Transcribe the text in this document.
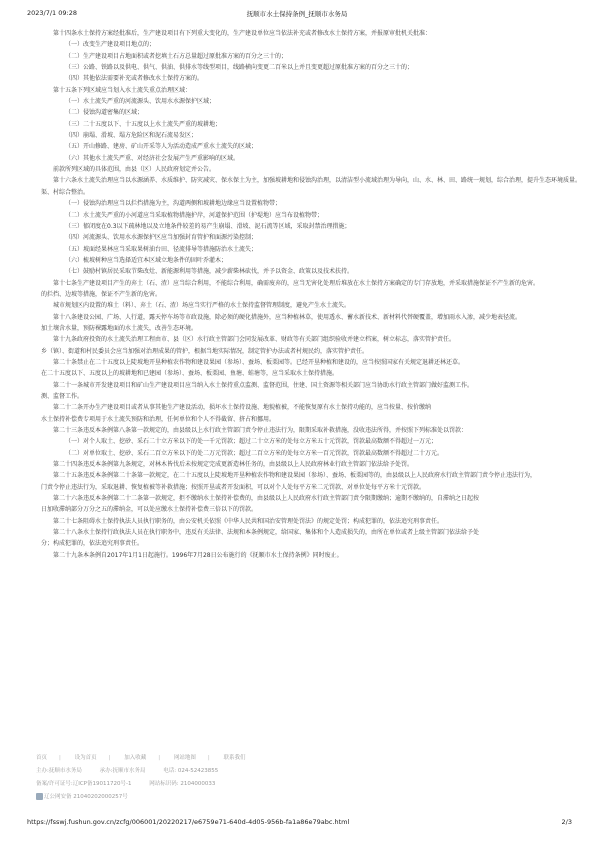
2023/7/1 09:28	抚顺市水土保持条例_抚顺市水务局

第十四条水土保持方案经批准后，生产建设项目有下列重大变化的，生产建设单位应当依法补充或者修改水土保持方案，并报原审批机关批准：

（一）改变生产建设项目地点的；

（二）生产建设项目占地面积或者挖填土石方总量超过原批准方案的百分之三十的；

（三）公路、铁路以及供电、供气、供油、供排水等线型项目，线路横向变更二百米以上并且变更超过原批准方案的百分之三十的；

（四）其他依法需要补充或者修改水土保持方案的。

第十五条下列区域应当划入水土流失重点治理区域：

（一）水土流失严重的河流源头、饮用水水源保护区域；

（二）侵蚀沟道密集的区域；

（三）二十五度以下、十五度以上水土流失严重的坡耕地；

（四）崩塌、滑坡、塌方危险区和泥石流易发区；

（五）开山修路、建房、矿山开采等人为活动造成严重水土流失的区域；

（六）其他水土流失严重、对经济社会发展产生严重影响的区域。

前款所列区域的具体范围，由县（区）人民政府划定并公告。

第十六条水土流失治理应当以水源涵养、水质维护、防灾减灾、保水保土为主，加强坡耕地和侵蚀沟治理，以清洁型小流域治理为导向，山、水、林、田、路统一规划，综合治理，提升生态环境质量。

渠、村综合整治。

（一）侵蚀沟治理应当以拦挡措施为主，沟道两侧和坡耕地边缘应当设置植物带；

（二）水土流失严重的小河道应当采取植物措施护岸，河道保护范围（护堤地）应当布设植物带；

（三）郁闭度在0.3以下疏林地以及立地条件较差的易产生崩塌、滑坡、泥石流等区域，采取封禁治理措施；

（四）河流源头、饮用水水源保护区应当加强封育管护和面源污染控制；

（五）坡面经果林应当采取果树油台田、径流排导等措施防治水土流失；

（六）梳坡树种应当选择适宜本区域立地条件的固叶乔灌木；

（七）鼓励村镇居民采取节柴改灶、新能源利用等措施，减少薪柴林砍伐，并予以资金、政策以及技术扶持。

第十七条生产建设项目产生的弃土（石、渣）应当综合利用，不能综合利用，确需废弃的，应当无害化处理后堆放在水土保持方案确定的专门存放地，并采取措施保证不产生新的危害。

的拦挡、边坡等措施，保证不产生新的危害。

城市规划区内设置的堆土（料）、弃土（石、渣）场应当实行严格的水土保持监督管理制度，避免产生水土流失。

第十八条建设公园、广场、人行道，露天停车场等市政设施，除必须的硬化措施外，应当种植林草，使用透水、蓄水新技术、新材料代替硬覆盖，增加雨水入渗，减少地表径流。

加土壤含水量，预防裸露地面的水土流失，改善生态环境。

第十九条政府投资的水土流失治理工程由市、县（区）水行政主管部门会同发展改革、财政等有关部门组织验收并建立档案，树立标志，落实管护责任。

乡（镇）、街道和村民委员会应当加强对治理成果的管护，根据当地实际情况，制定管护办法或者村规民约，落实管护责任。

第二十条禁止在二十五度以上陡坡地开垦种植农作物和建设果园（参场）、蚕场、板栗园等。已经开垦种植和建设的，应当按照国家有关规定退耕还林还草。

在二十五度以下、五度以上的坡耕地和已建园（参场）、蚕场、板栗园、鱼塘、蛙塘等，应当采取水土保持措施。

第二十一条城市开发建设项目和矿山生产建设项目应当纳入水土保持重点监测、监督范围，住建、国土资源等相关部门应当协助水行政主管部门做好监测工作。

测、监督工作。

第二十二条开办生产建设项目或者从事其他生产建设活动，损坏水土保持设施、地貌植被，不能恢复原有水土保持功能的，应当按量、按价缴纳

水土保持补偿费专项用于水土流失预防和治理，任何单位和个人不得截留、挤占和挪用。

第二十三条违反本条例第八条第一款规定的，由县级以上水行政主管部门责令停止违法行为，限期采取补救措施，没收违法所得，并按照下列标准处以罚款：

（一）对个人取土、挖砂、采石二十立方米以下的处一千元罚款；超过二十立方米的处每立方米五十元罚款，罚款最高数额不得超过一万元；

（二）对单位取土、挖砂、采石二百立方米以下的处二万元罚款；超过二百立方米的处每立方米一百元罚款，罚款最高数额不得超过二十万元。

第二十四条违反本条例第九条规定，对林木皆伐后未按规定完成更新造林任务的，由县级以上人民政府林业行政主管部门依法给予处罚。

第二十五条违反本条例第二十条第一款规定，在二十五度以上陡坡地开垦种植农作物和建设果园（参场）、蚕场、板栗园等的，由县级以上人民政府水行政主管部门责令停止违法行为，

门责令停止违法行为，采取退耕、恢复植被等补救措施；按照开垦或者开发面积，可以对个人处每平方米二元罚款、对单位处每平方米十元罚款。

第二十六条违反本条例第二十二条第一款规定，拒不缴纳水土保持补偿费的，由县级以上人民政府水行政主管部门责令限期缴纳；逾期不缴纳的，自滞纳之日起按

日加收滞纳部分万分之五的滞纳金，可以处应缴水土保持补偿费三倍以下的罚款。

第二十七条阻碍水土保持执法人员执行职务的，由公安机关依照《中华人民共和国治安管理处罚法》的规定处罚；构成犯罪的，依法追究刑事责任。

第二十八条水土保持行政执法人员在执行职务中，违反有关法律、法规和本条例规定，给国家、集体和个人造成损失的，由所在单位或者上级主管部门依法给予处

分；构成犯罪的，依法追究刑事责任。

第二十九条本条例自2017年1月1日起施行。1996年7月28日公布施行的《抚顺市水土保持条例》同时废止。

首页 |	设为首页 |	加入收藏 |	网站地图 |	联系我们
主办:抚顺市水务局	承办:抚顺市水务局	电话: 024-52423855
备案/许可证号:辽ICP备19011720号-1	网站标识码: 2104000033
辽公网安备 21040202000257号
https://fsswj.fushun.gov.cn/zcfg/006001/20220217/e6759e71-640d-4d05-956b-fa1a86e79abc.html	2/3
